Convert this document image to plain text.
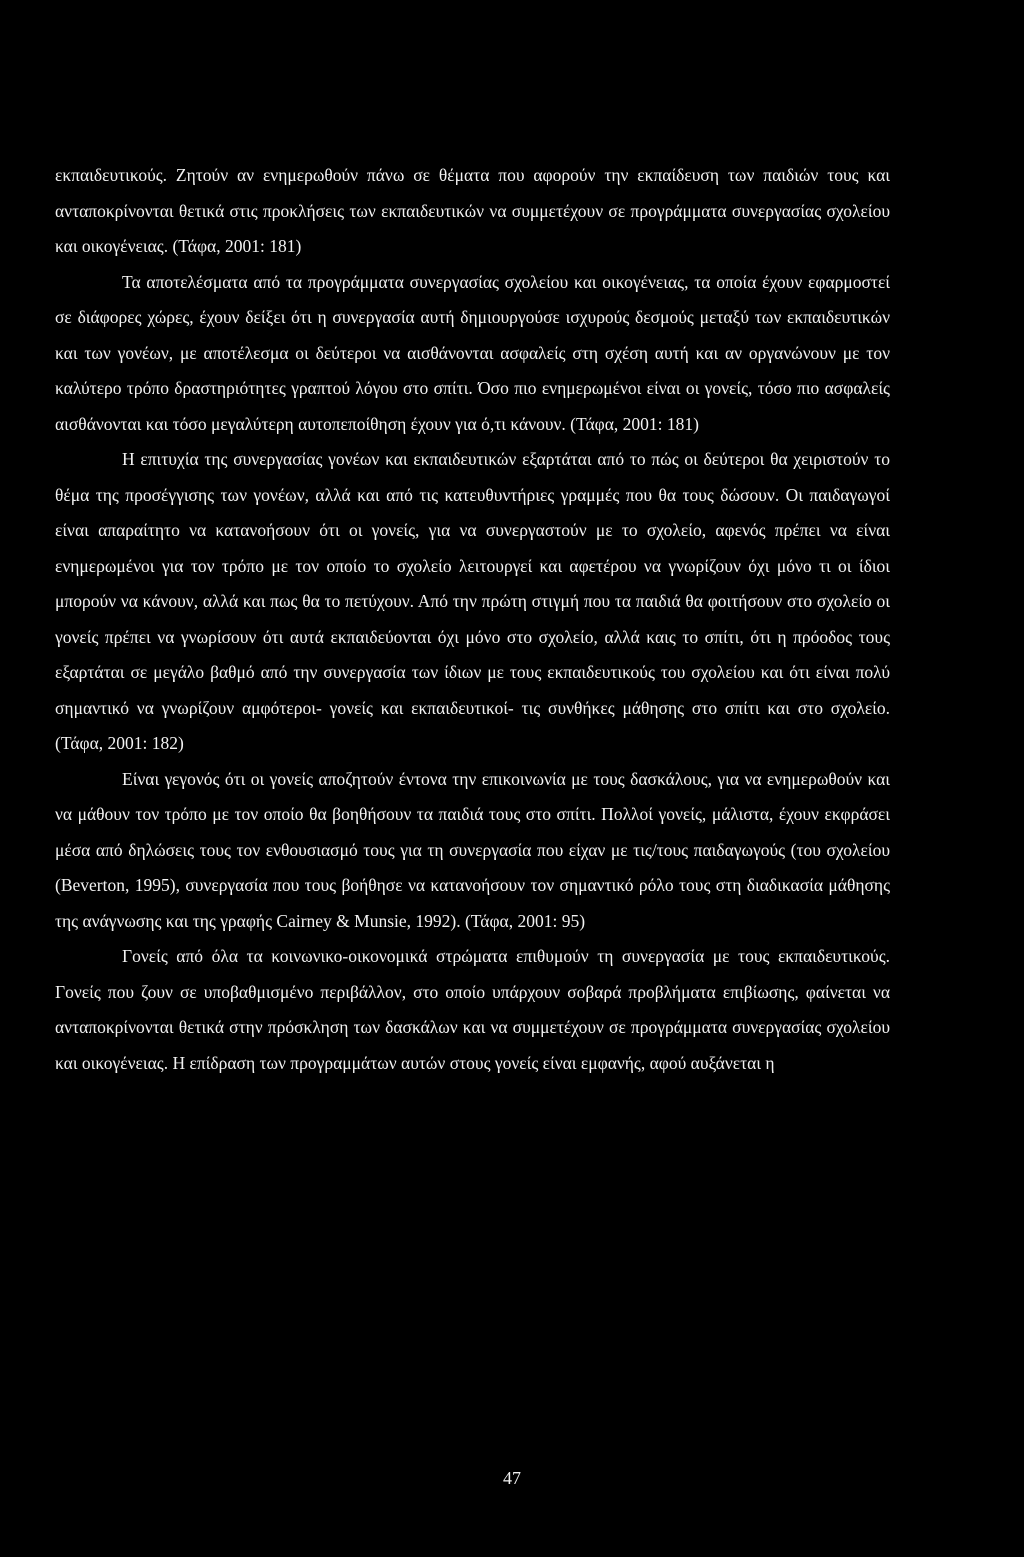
εκπαιδευτικούς. Ζητούν αν ενημερωθούν πάνω σε θέματα που αφορούν την εκπαίδευση των παιδιών τους και ανταποκρίνονται θετικά στις προκλήσεις των εκπαιδευτικών να συμμετέχουν σε προγράμματα συνεργασίας σχολείου και οικογένειας. (Τάφα, 2001: 181)

Τα αποτελέσματα από τα προγράμματα συνεργασίας σχολείου και οικογένειας, τα οποία έχουν εφαρμοστεί σε διάφορες χώρες, έχουν δείξει ότι η συνεργασία αυτή δημιουργούσε ισχυρούς δεσμούς μεταξύ των εκπαιδευτικών και των γονέων, με αποτέλεσμα οι δεύτεροι να αισθάνονται ασφαλείς στη σχέση αυτή και αν οργανώνουν με τον καλύτερο τρόπο δραστηριότητες γραπτού λόγου στο σπίτι. Όσο πιο ενημερωμένοι είναι οι γονείς, τόσο πιο ασφαλείς αισθάνονται και τόσο μεγαλύτερη αυτοπεποίθηση έχουν για ό,τι κάνουν. (Τάφα, 2001: 181)

Η επιτυχία της συνεργασίας γονέων και εκπαιδευτικών εξαρτάται από το πώς οι δεύτεροι θα χειριστούν το θέμα της προσέγγισης των γονέων, αλλά και από τις κατευθυντήριες γραμμές που θα τους δώσουν. Οι παιδαγωγοί είναι απαραίτητο να κατανοήσουν ότι οι γονείς, για να συνεργαστούν με το σχολείο, αφενός πρέπει να είναι ενημερωμένοι για τον τρόπο με τον οποίο το σχολείο λειτουργεί και αφετέρου να γνωρίζουν όχι μόνο τι οι ίδιοι μπορούν να κάνουν, αλλά και πως θα το πετύχουν. Από την πρώτη στιγμή που τα παιδιά θα φοιτήσουν στο σχολείο οι γονείς πρέπει να γνωρίσουν ότι αυτά εκπαιδεύονται όχι μόνο στο σχολείο, αλλά καις το σπίτι, ότι η πρόοδος τους εξαρτάται σε μεγάλο βαθμό από την συνεργασία των ίδιων με τους εκπαιδευτικούς του σχολείου και ότι είναι πολύ σημαντικό να γνωρίζουν αμφότεροι- γονείς και εκπαιδευτικοί- τις συνθήκες μάθησης στο σπίτι και στο σχολείο. (Τάφα, 2001: 182)

Είναι γεγονός ότι οι γονείς αποζητούν έντονα την επικοινωνία με τους δασκάλους, για να ενημερωθούν και να μάθουν τον τρόπο με τον οποίο θα βοηθήσουν τα παιδιά τους στο σπίτι. Πολλοί γονείς, μάλιστα, έχουν εκφράσει μέσα από δηλώσεις τους τον ενθουσιασμό τους για τη συνεργασία που είχαν με τις/τους παιδαγωγούς (του σχολείου (Beverton, 1995), συνεργασία που τους βοήθησε να κατανοήσουν τον σημαντικό ρόλο τους στη διαδικασία μάθησης της ανάγνωσης και της γραφής Cairney & Munsie, 1992). (Τάφα, 2001: 95)

Γονείς από όλα τα κοινωνικο-οικονομικά στρώματα επιθυμούν τη συνεργασία με τους εκπαιδευτικούς. Γονείς που ζουν σε υποβαθμισμένο περιβάλλον, στο οποίο υπάρχουν σοβαρά προβλήματα επιβίωσης, φαίνεται να ανταποκρίνονται θετικά στην πρόσκληση των δασκάλων και να συμμετέχουν σε προγράμματα συνεργασίας σχολείου και οικογένειας. Η επίδραση των προγραμμάτων αυτών στους γονείς είναι εμφανής, αφού αυξάνεται η

47
